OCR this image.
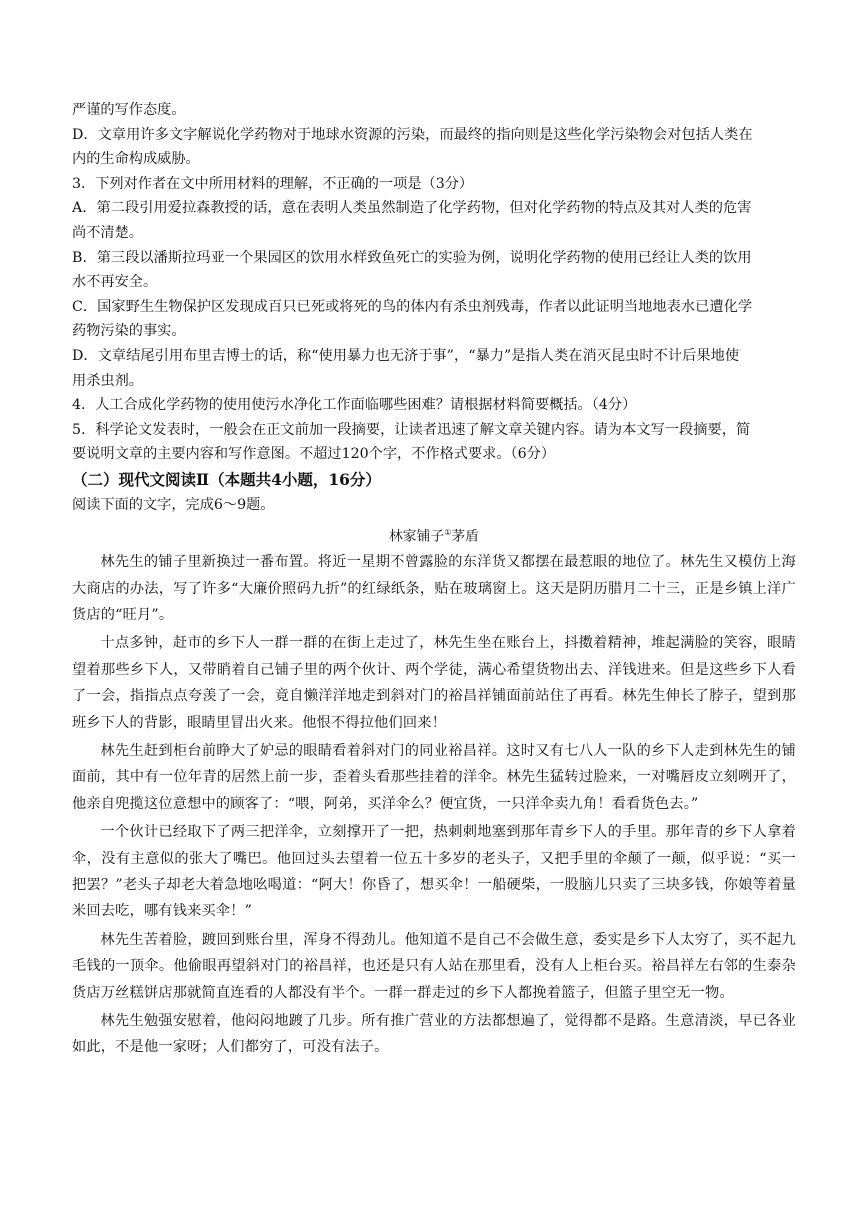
严谨的写作态度。

D．文章用许多文字解说化学药物对于地球水资源的污染，而最终的指向则是这些化学污染物会对包括人类在

内的生命构成威胁。

3．下列对作者在文中所用材料的理解，不正确的一项是（3分）

A．第二段引用爱拉森教授的话，意在表明人类虽然制造了化学药物，但对化学药物的特点及其对人类的危害

尚不清楚。

B．第三段以潘斯拉玛亚一个果园区的饮用水样致鱼死亡的实验为例，说明化学药物的使用已经让人类的饮用

水不再安全。

C．国家野生生物保护区发现成百只已死或将死的鸟的体内有杀虫剂残毒，作者以此证明当地地表水已遭化学

药物污染的事实。

D．文章结尾引用布里吉博士的话，称“使用暴力也无济于事”，“暴力”是指人类在消灭昆虫时不计后果地使

用杀虫剂。

4．人工合成化学药物的使用使污水净化工作面临哪些困难？请根据材料简要概括。（4分）

5．科学论文发表时，一般会在正文前加一段摘要，让读者迅速了解文章关键内容。请为本文写一段摘要，简

要说明文章的主要内容和写作意图。不超过120个字，不作格式要求。（6分）

（二）现代文阅读Ⅱ（本题共4小题，16分）

阅读下面的文字，完成6～9题。

林家铺子①茅盾

林先生的铺子里新换过一番布置。将近一星期不曾露脸的东洋货又都摆在最惹眼的地位了。林先生又模仿上海大商店的办法，写了许多“大廉价照码九折”的红绿纸条，贴在玻璃窗上。这天是阴历腊月二十三，正是乡镇上洋广货店的“旺月”。

十点多钟，赶市的乡下人一群一群的在街上走过了，林先生坐在账台上，抖擞着精神，堆起满脸的笑容，眼睛望着那些乡下人，又带睄着自己铺子里的两个伙计、两个学徒，满心希望货物出去、洋钱进来。但是这些乡下人看了一会，指指点点夸羡了一会，竟自懒洋洋地走到斜对门的裕昌祥铺面前站住了再看。林先生伸长了脖子，望到那班乡下人的背影，眼睛里冒出火来。他恨不得拉他们回来！

林先生赶到柜台前睁大了妒忌的眼睛看着斜对门的同业裕昌祥。这时又有七八人一队的乡下人走到林先生的铺面前，其中有一位年青的居然上前一步，歪着头看那些挂着的洋伞。林先生猛转过脸来，一对嘴唇皮立刻咧开了，他亲自兜揽这位意想中的顾客了：“喂，阿弟，买洋伞么？便宜货，一只洋伞卖九角！看看货色去。”

一个伙计已经取下了两三把洋伞，立刻撑开了一把，热刺刺地塞到那年青乡下人的手里。那年青的乡下人拿着伞，没有主意似的张大了嘴巴。他回过头去望着一位五十多岁的老头子，又把手里的伞颠了一颠，似乎说：“买一把罢？”老头子却老大着急地吆喝道：“阿大！你昏了，想买伞！一船硬柴，一股脑儿只卖了三块多钱，你娘等着量米回去吃，哪有钱来买伞！”

林先生苦着脸，踱回到账台里，浑身不得劲儿。他知道不是自己不会做生意，委实是乡下人太穷了，买不起九毛钱的一顶伞。他偷眼再望斜对门的裕昌祥，也还是只有人站在那里看，没有人上柜台买。裕昌祥左右邻的生泰杂货店万丝糕饼店那就简直连看的人都没有半个。一群一群走过的乡下人都挽着篮子，但篮子里空无一物。

林先生勉强安慰着，他闷闷地踱了几步。所有推广营业的方法都想遍了，觉得都不是路。生意清淡，早已各业如此，不是他一家呀；人们都穷了，可没有法子。
